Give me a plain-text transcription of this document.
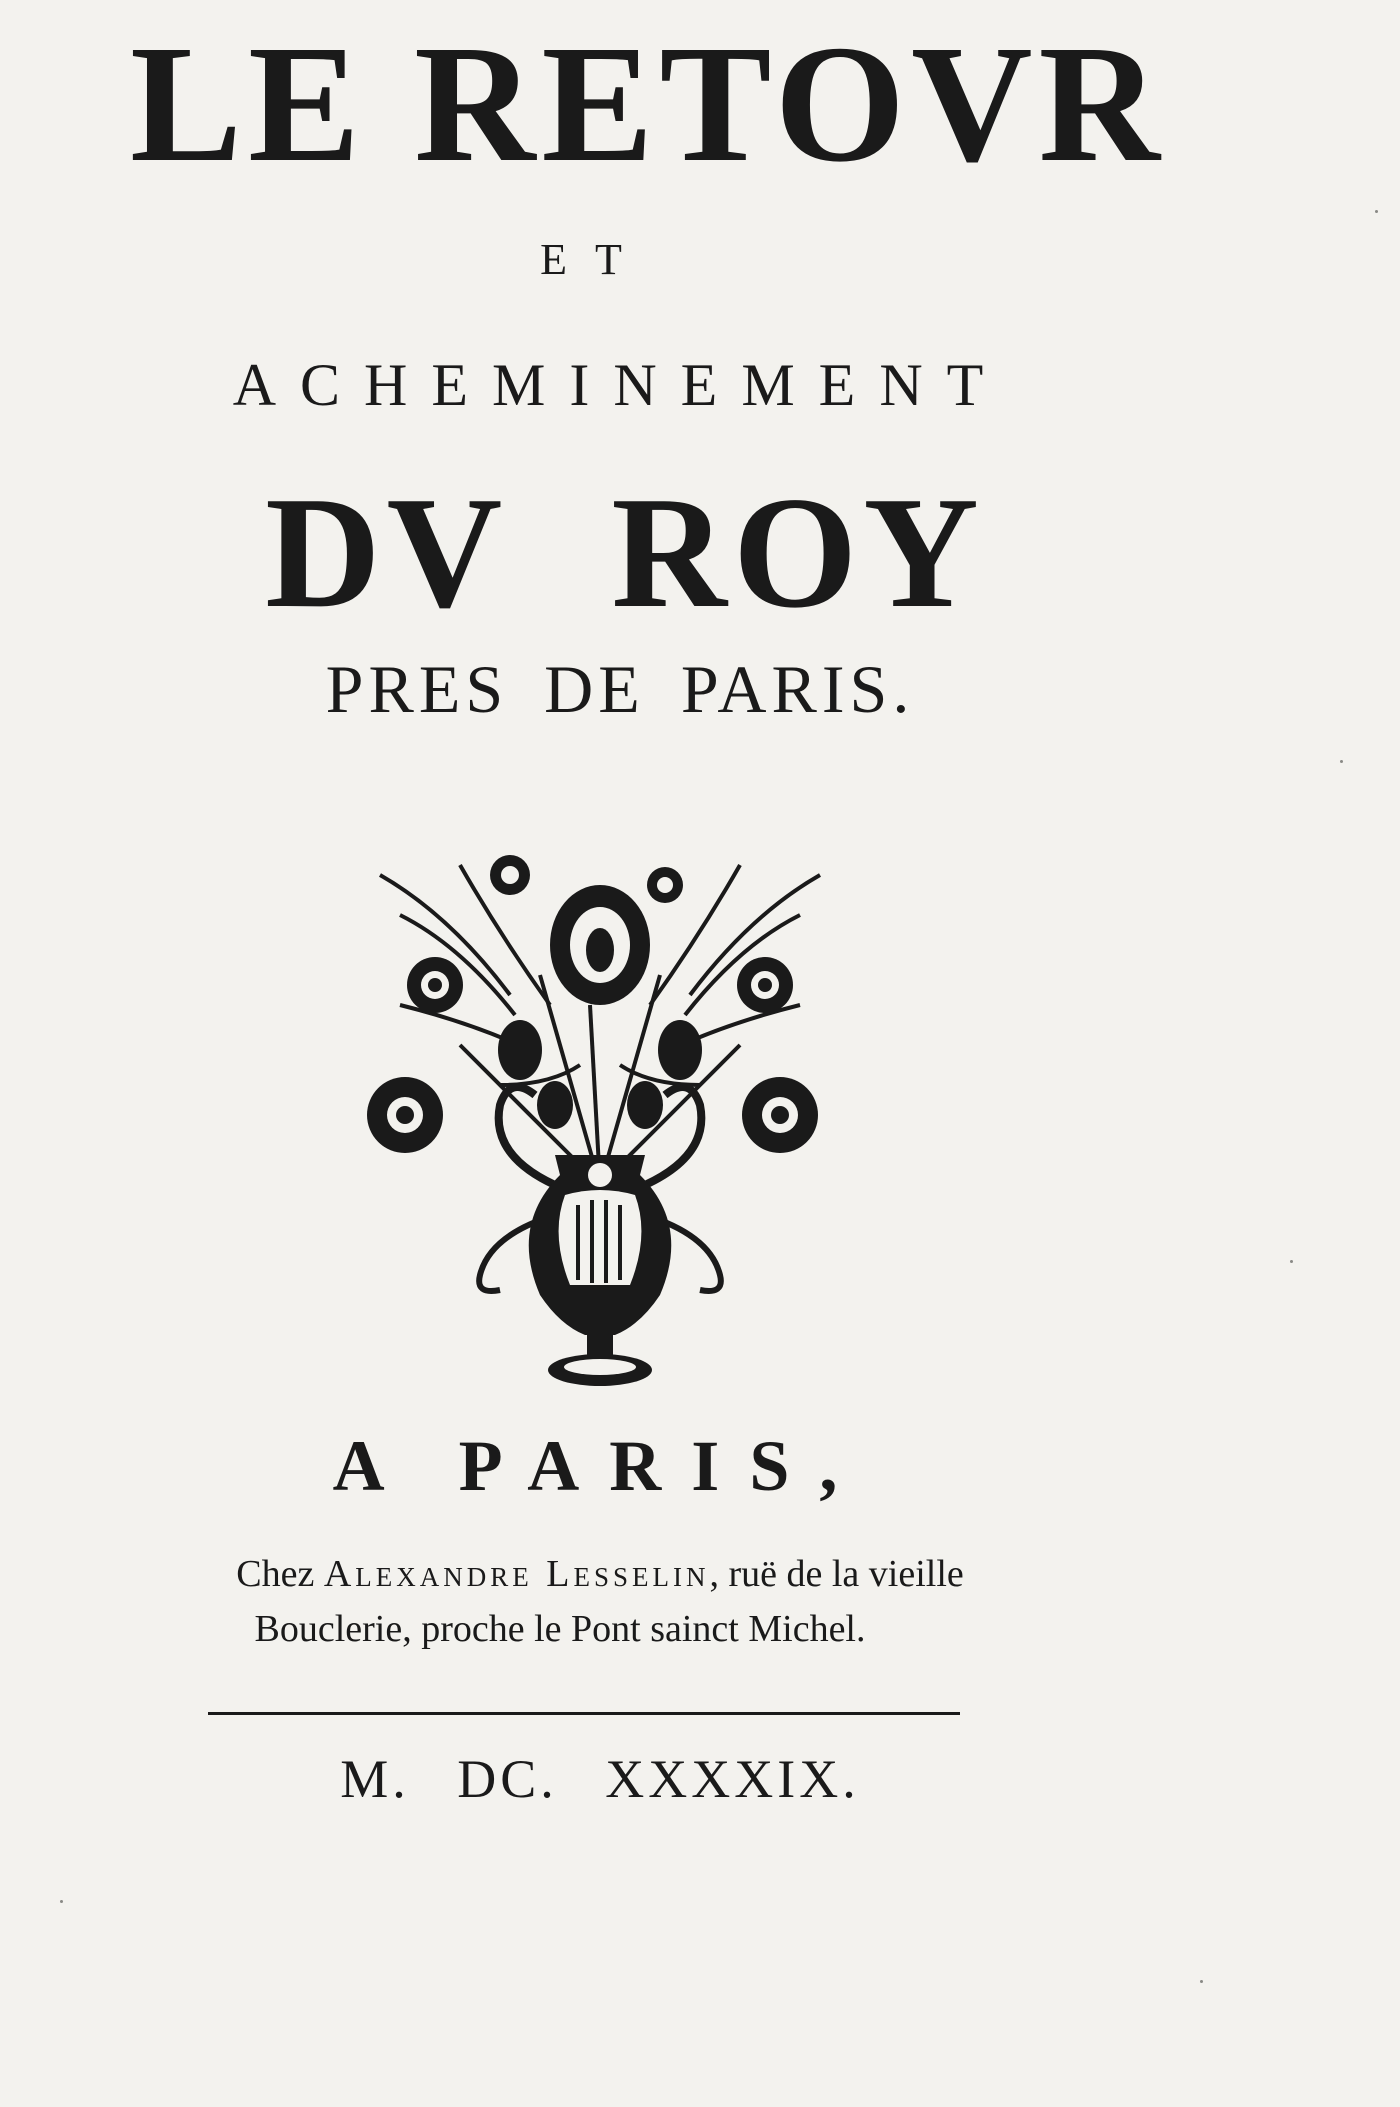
LE RETOVR
ET
ACHEMINEMENT
DV ROY
PRES DE PARIS.
A PARIS,
Chez Alexandre Lesselin, ruë de la vieille
Bouclerie, proche le Pont sainct Michel.
M. DC. XXXXIX.
